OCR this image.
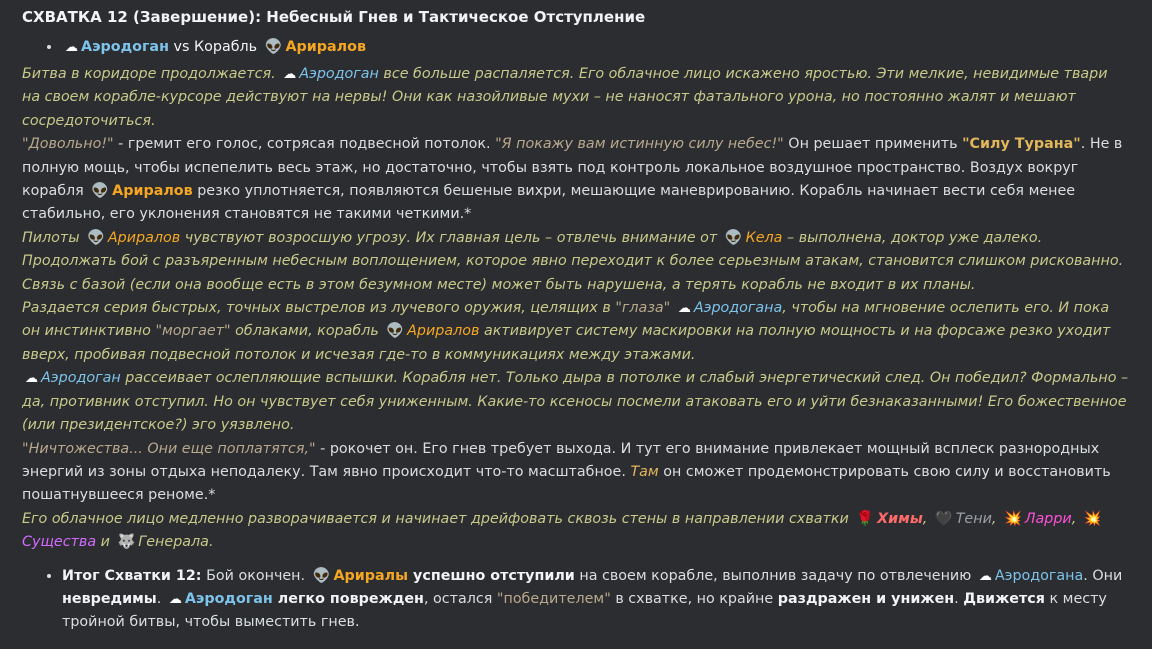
СХВАТКА 12 (Завершение): Небесный Гнев и Тактическое Отступление
• ☁ Аэродоган vs Корабль 👽 Ариралов

Битва в коридоре продолжается. ☁ Аэродоган все больше распаляется. Его облачное лицо искажено яростью. Эти мелкие, невидимые твари на своем корабле-курсоре действуют на нервы! Они как назойливые мухи – не наносят фатального урона, но постоянно жалят и мешают сосредоточиться.

"Довольно!" - гремит его голос, сотрясая подвесной потолок. "Я покажу вам истинную силу небес!" Он решает применить "Силу Турана". Не в полную мощь, чтобы испепелить весь этаж, но достаточно, чтобы взять под контроль локальное воздушное пространство. Воздух вокруг корабля 👽 Ариралов резко уплотняется, появляются бешеные вихри, мешающие маневрированию. Корабль начинает вести себя менее стабильно, его уклонения становятся не такими четкими.*

Пилоты 👽 Ариралов чувствуют возросшую угрозу. Их главная цель – отвлечь внимание от 👽 Кела – выполнена, доктор уже далеко. Продолжать бой с разъяренным небесным воплощением, которое явно переходит к более серьезным атакам, становится слишком рискованно. Связь с базой (если она вообще есть в этом безумном месте) может быть нарушена, а терять корабль не входит в их планы.

Раздается серия быстрых, точных выстрелов из лучевого оружия, целящих в "глаза" ☁ Аэродогана, чтобы на мгновение ослепить его. И пока он инстинктивно "моргает" облаками, корабль 👽 Ариралов активирует систему маскировки на полную мощность и на форсаже резко уходит вверх, пробивая подвесной потолок и исчезая где-то в коммуникациях между этажами.

☁ Аэродоган рассеивает ослепляющие вспышки. Корабля нет. Только дыра в потолке и слабый энергетический след. Он победил? Формально – да, противник отступил. Но он чувствует себя униженным. Какие-то ксеносы посмели атаковать его и уйти безнаказанными! Его божественное (или президентское?) эго уязвлено.

"Ничтожества... Они еще поплатятся," - рокочет он. Его гнев требует выхода. И тут его внимание привлекает мощный всплеск разнородных энергий из зоны отдыха неподалеку. Там явно происходит что-то масштабное. Там он сможет продемонстрировать свою силу и восстановить пошатнувшееся реноме.*

Его облачное лицо медленно разворачивается и начинает дрейфовать сквозь стены в направлении схватки 🌹 Химы, 🖤 Тени, 💥 Ларри, 💥
Существа и 🐺 Генерала.

• Итог Схватки 12: Бой окончен. 👽 Ариралы успешно отступили на своем корабле, выполнив задачу по отвлечению ☁ Аэродогана. Они невредимы. ☁ Аэродоган легко поврежден, остался "победителем" в схватке, но крайне раздражен и унижен. Движется к месту тройной битвы, чтобы выместить гнев.
